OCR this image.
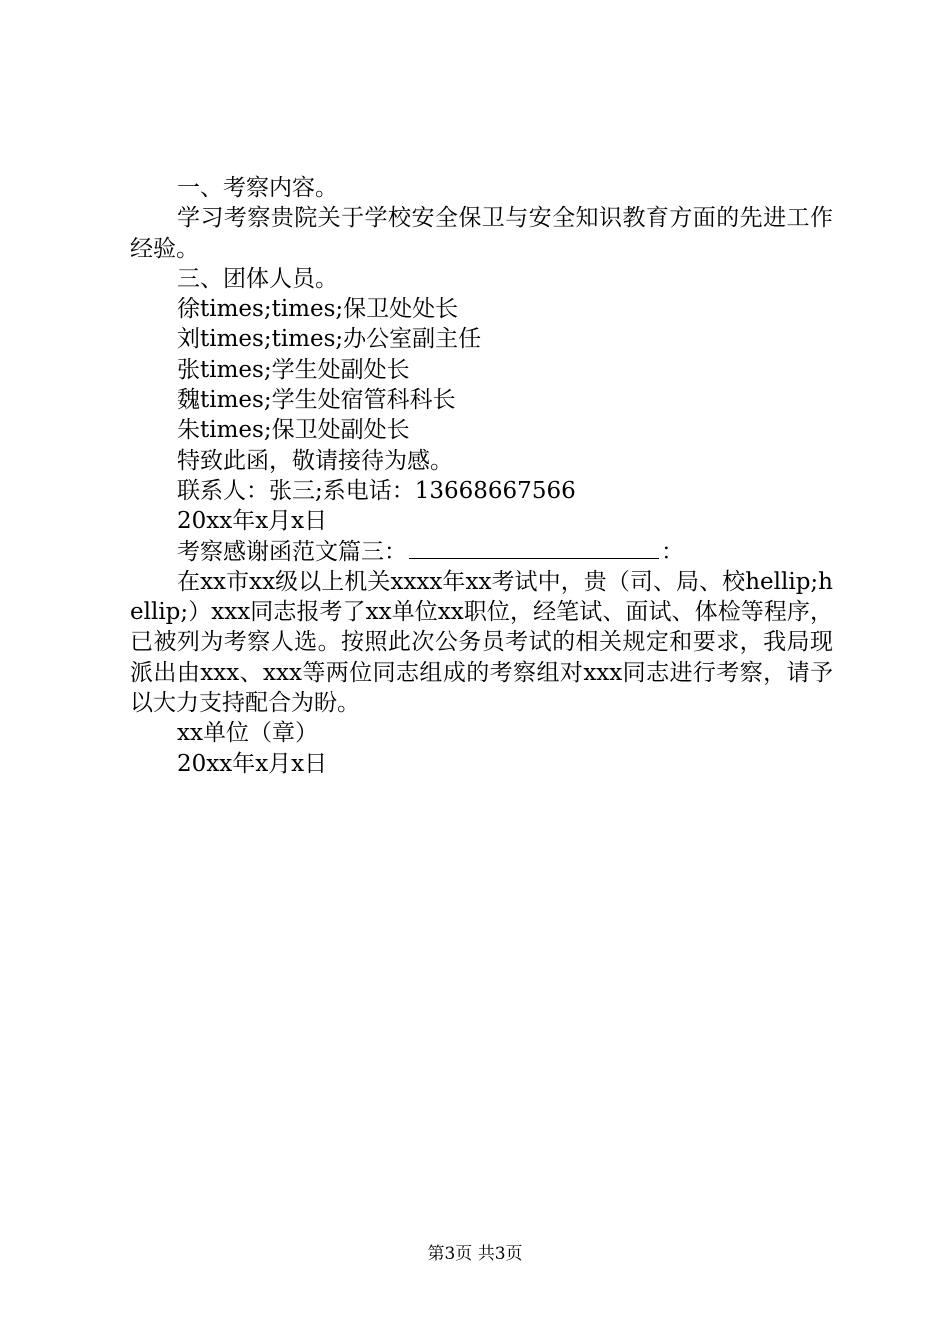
一、考察内容。

学习考察贵院关于学校安全保卫与安全知识教育方面的先进工作经验。

三、团体人员。

徐times;times;保卫处处长

刘times;times;办公室副主任

张times;学生处副处长

魏times;学生处宿管科科长

朱times;保卫处副处长

特致此函，敬请接待为感。

联系人：张三;系电话：13668667566

20xx年x月x日

考察感谢函范文篇三：	：

在xx市xx级以上机关xxxx年xx考试中，贵（司、局、校hellip;hellip;）xxx同志报考了xx单位xx职位，经笔试、面试、体检等程序，已被列为考察人选。按照此次公务员考试的相关规定和要求，我局现派出由xxx、xxx等两位同志组成的考察组对xxx同志进行考察，请予以大力支持配合为盼。

xx单位（章）

20xx年x月x日

第3页 共3页
